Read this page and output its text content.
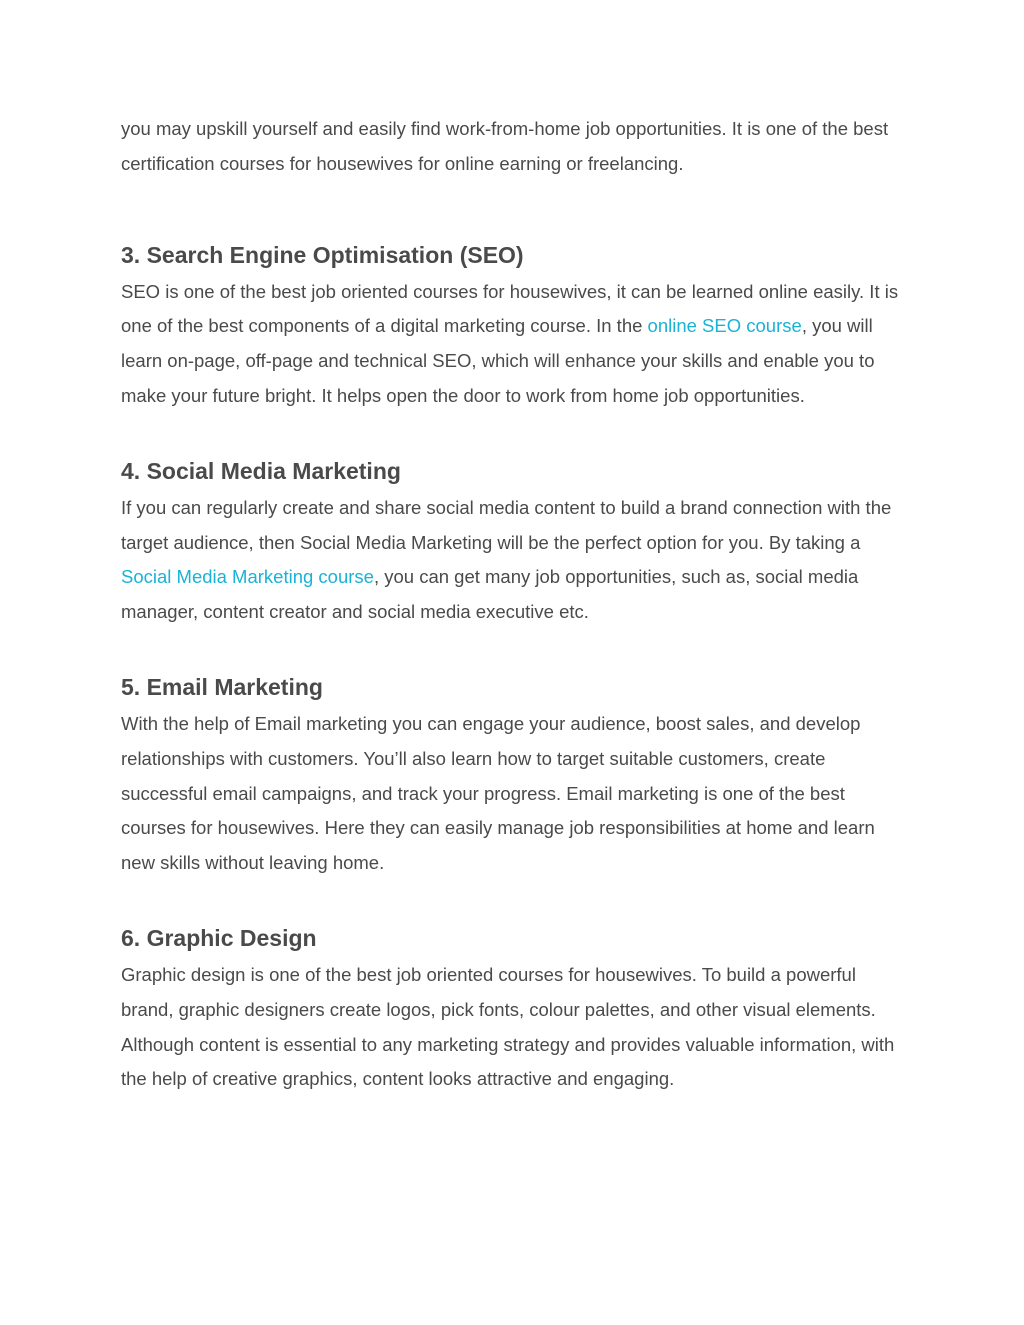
you may upskill yourself and easily find work-from-home job opportunities. It is one of the best certification courses for housewives for online earning or freelancing.

3. Search Engine Optimisation (SEO)

SEO is one of the best job oriented courses for housewives, it can be learned online easily. It is one of the best components of a digital marketing course. In the online SEO course, you will learn on-page, off-page and technical SEO, which will enhance your skills and enable you to make your future bright. It helps open the door to work from home job opportunities.

4. Social Media Marketing

If you can regularly create and share social media content to build a brand connection with the target audience, then Social Media Marketing will be the perfect option for you. By taking a Social Media Marketing course, you can get many job opportunities, such as, social media manager, content creator and social media executive etc.

5. Email Marketing

With the help of Email marketing you can engage your audience, boost sales, and develop relationships with customers. You’ll also learn how to target suitable customers, create successful email campaigns, and track your progress. Email marketing is one of the best courses for housewives. Here they can easily manage job responsibilities at home and learn new skills without leaving home.

6. Graphic Design

Graphic design is one of the best job oriented courses for housewives. To build a powerful brand, graphic designers create logos, pick fonts, colour palettes, and other visual elements. Although content is essential to any marketing strategy and provides valuable information, with the help of creative graphics, content looks attractive and engaging.
